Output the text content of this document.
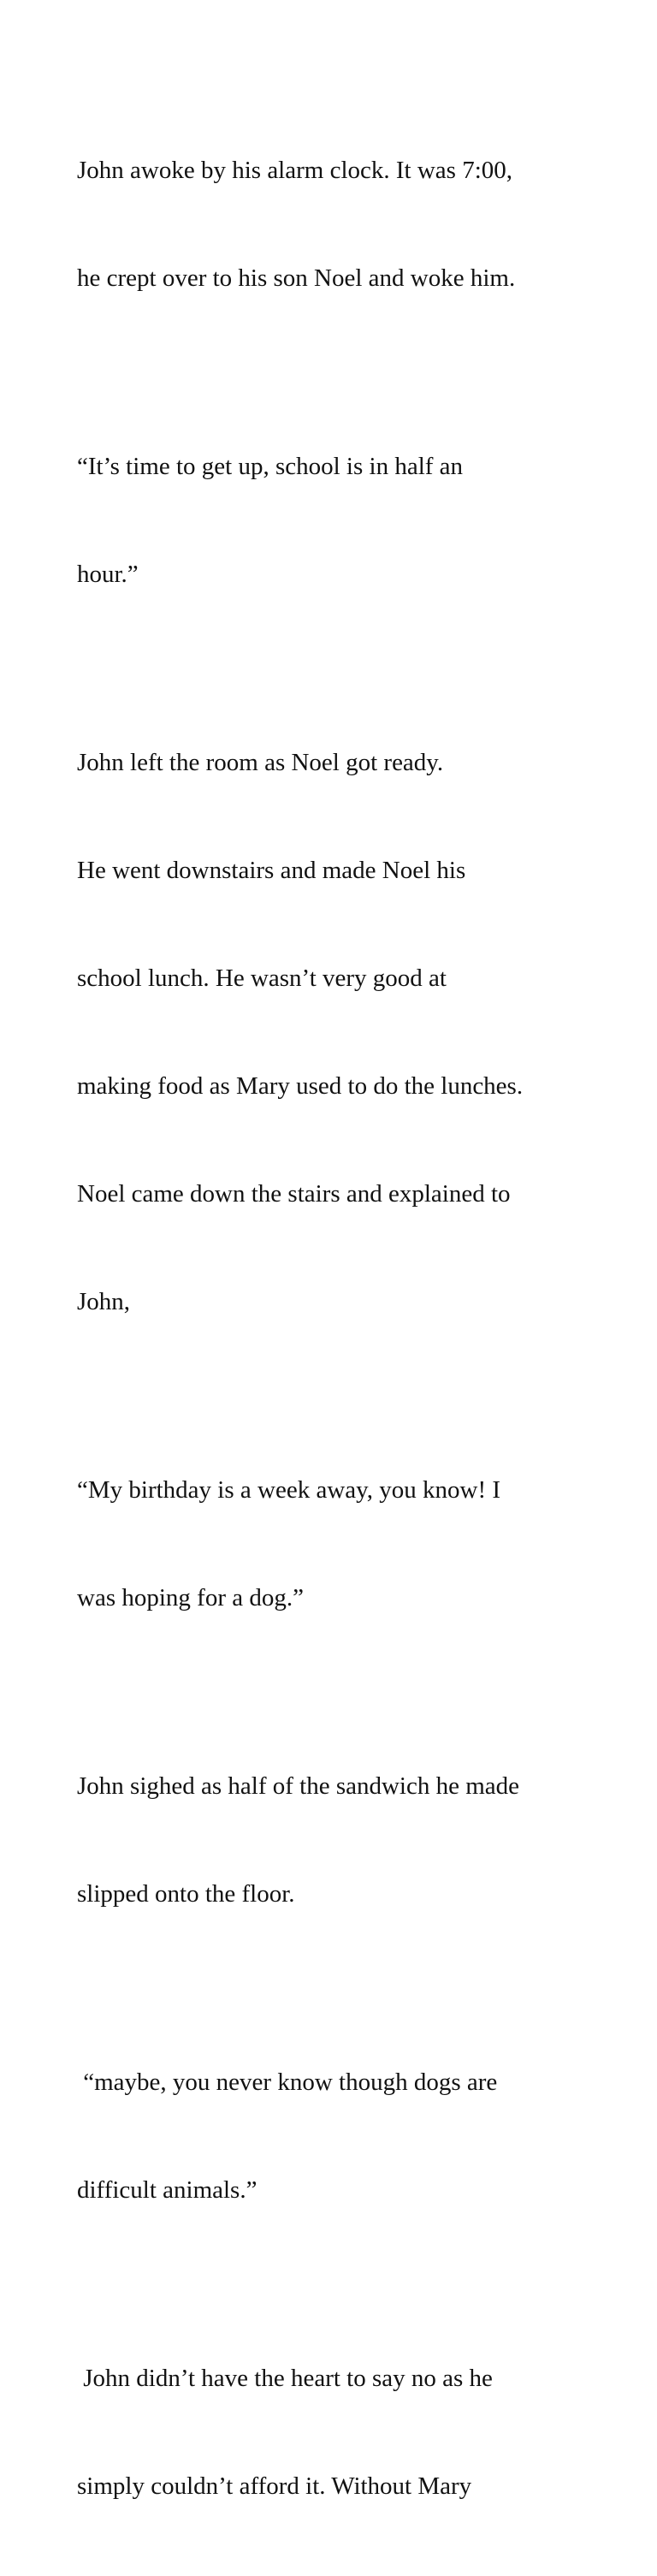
John awoke by his alarm clock. It was 7:00,

he crept over to his son Noel and woke him.

“It’s time to get up, school is in half an

hour.”

John left the room as Noel got ready.

He went downstairs and made Noel his

school lunch. He wasn’t very good at

making food as Mary used to do the lunches.

Noel came down the stairs and explained to

John,

“My birthday is a week away, you know! I

was hoping for a dog.”

John sighed as half of the sandwich he made

slipped onto the floor.

“maybe, you never know though dogs are

difficult animals.”

John didn’t have the heart to say no as he

simply couldn’t afford it. Without Mary
